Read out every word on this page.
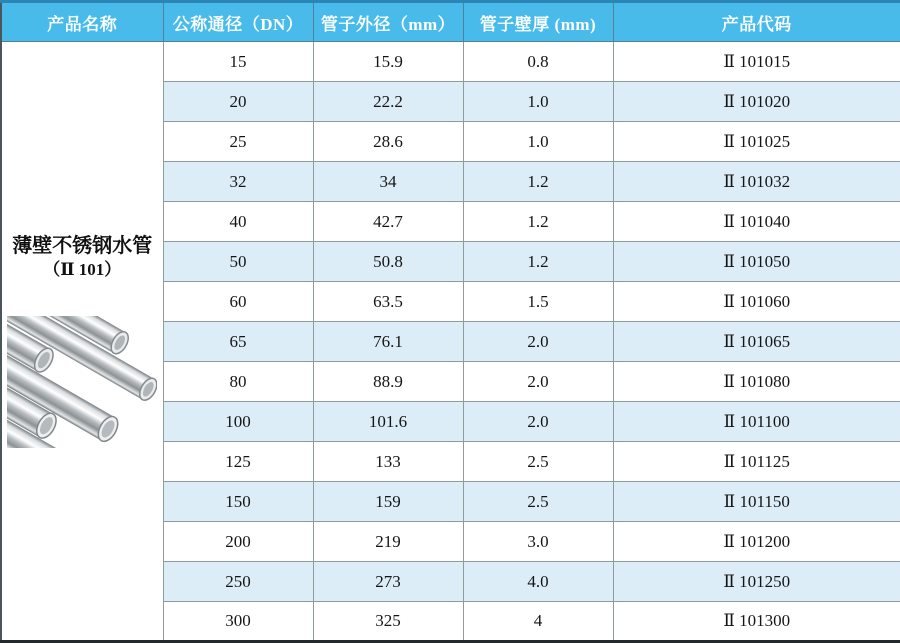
产品名称	公称通径（DN）	管子外径（mm）	管子壁厚 (mm)	产品代码

薄壁不锈钢水管
（Ⅱ 101）	15	15.9	0.8	Ⅱ 101015
	20	22.2	1.0	Ⅱ 101020
	25	28.6	1.0	Ⅱ 101025
	32	34	1.2	Ⅱ 101032
	40	42.7	1.2	Ⅱ 101040
	50	50.8	1.2	Ⅱ 101050
	60	63.5	1.5	Ⅱ 101060
	65	76.1	2.0	Ⅱ 101065
	80	88.9	2.0	Ⅱ 101080
	100	101.6	2.0	Ⅱ 101100
	125	133	2.5	Ⅱ 101125
	150	159	2.5	Ⅱ 101150
	200	219	3.0	Ⅱ 101200
	250	273	4.0	Ⅱ 101250
	300	325	4	Ⅱ 101300
